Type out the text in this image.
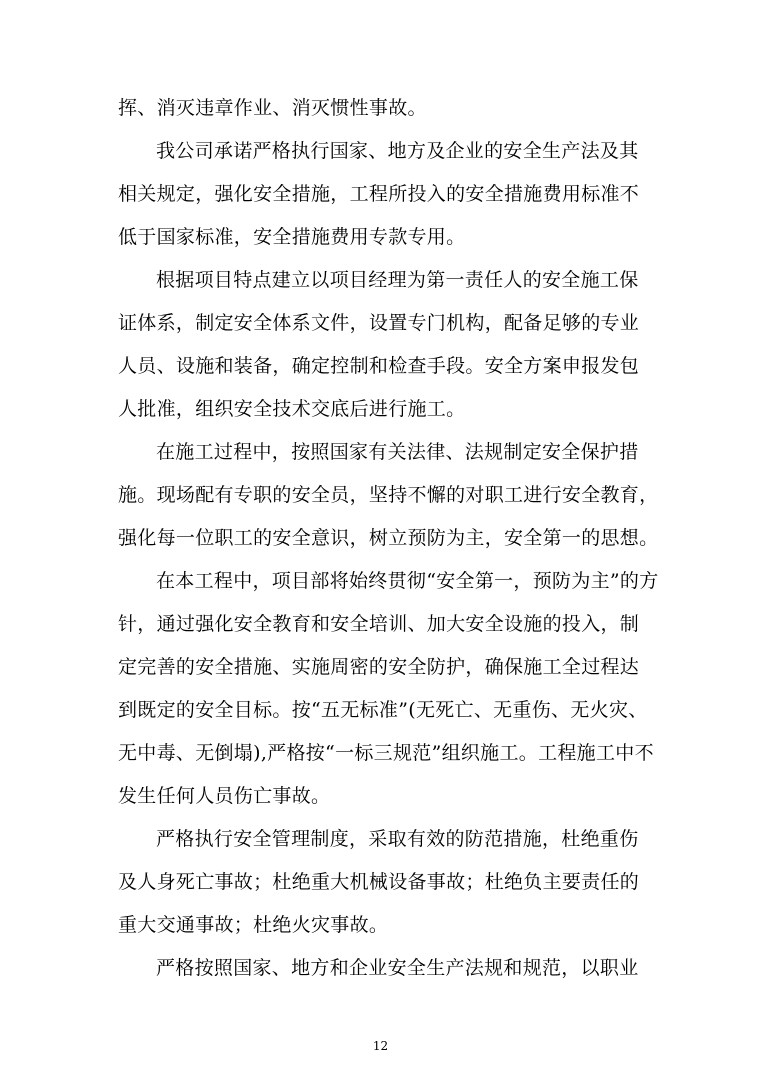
挥、消灭违章作业、消灭惯性事故。
我公司承诺严格执行国家、地方及企业的安全生产法及其
相关规定，强化安全措施，工程所投入的安全措施费用标准不
低于国家标准，安全措施费用专款专用。
根据项目特点建立以项目经理为第一责任人的安全施工保
证体系，制定安全体系文件，设置专门机构，配备足够的专业
人员、设施和装备，确定控制和检查手段。安全方案申报发包
人批准，组织安全技术交底后进行施工。
在施工过程中，按照国家有关法律、法规制定安全保护措
施。现场配有专职的安全员，坚持不懈的对职工进行安全教育，
强化每一位职工的安全意识，树立预防为主，安全第一的思想。
在本工程中，项目部将始终贯彻“安全第一，预防为主”的方
针，通过强化安全教育和安全培训、加大安全设施的投入，制
定完善的安全措施、实施周密的安全防护，确保施工全过程达
到既定的安全目标。按“五无标准”(无死亡、无重伤、无火灾、
无中毒、无倒塌),严格按“一标三规范”组织施工。工程施工中不
发生任何人员伤亡事故。
严格执行安全管理制度，采取有效的防范措施，杜绝重伤
及人身死亡事故；杜绝重大机械设备事故；杜绝负主要责任的
重大交通事故；杜绝火灾事故。
严格按照国家、地方和企业安全生产法规和规范，以职业
12
